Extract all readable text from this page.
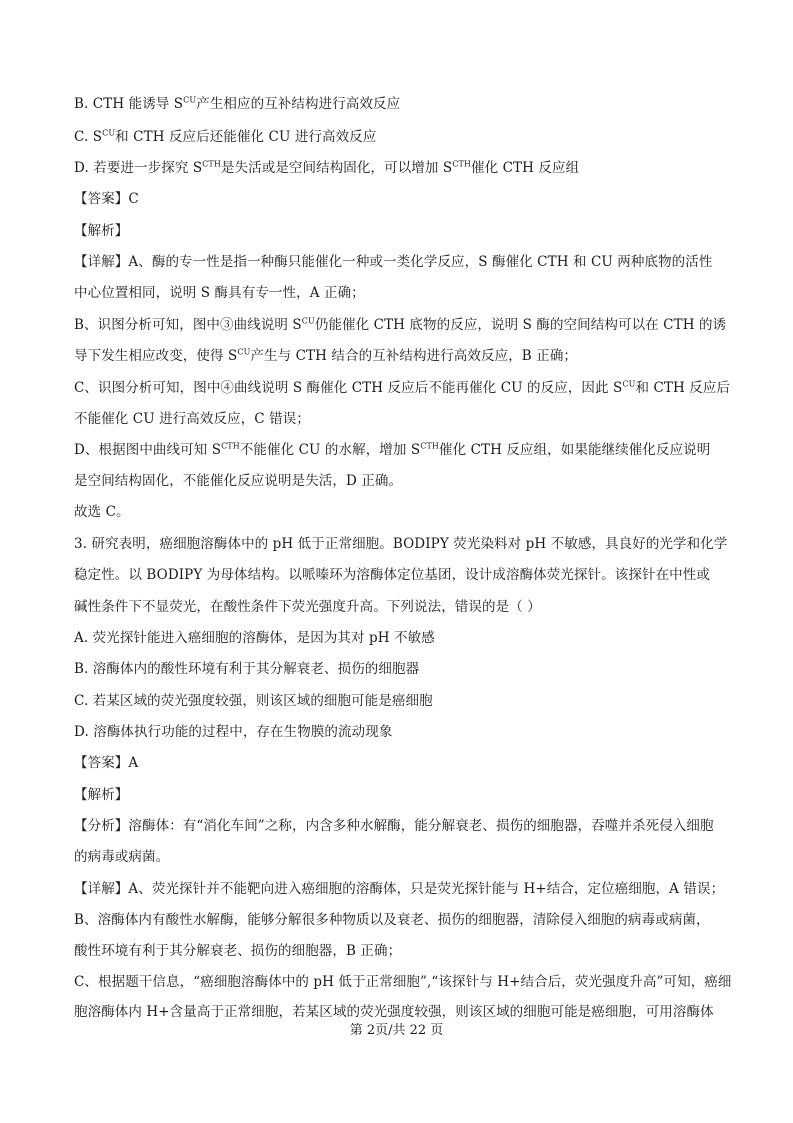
B. CTH 能诱导 $S^{CU}$产生相应的互补结构进行高效反应
C. $S^{CU}$和 CTH 反应后还能催化 CU 进行高效反应
D. 若要进一步探究 $S^{CTH}$是失活或是空间结构固化，可以增加 $S^{CTH}$催化 CTH 反应组
【答案】C
【解析】
【详解】A、酶的专一性是指一种酶只能催化一种或一类化学反应，S 酶催化 CTH 和 CU 两种底物的活性
中心位置相同，说明 S 酶具有专一性，A 正确；
B、识图分析可知，图中③曲线说明 $S^{CU}$仍能催化 CTH 底物的反应，说明 S 酶的空间结构可以在 CTH 的诱
导下发生相应改变，使得 $S^{CU}$产生与 CTH 结合的互补结构进行高效反应，B 正确；
C、识图分析可知，图中④曲线说明 S 酶催化 CTH 反应后不能再催化 CU 的反应，因此 $S^{CU}$和 CTH 反应后
不能催化 CU 进行高效反应，C 错误；
D、根据图中曲线可知 $S^{CTH}$不能催化 CU 的水解，增加 $S^{CTH}$催化 CTH 反应组，如果能继续催化反应说明
是空间结构固化，不能催化反应说明是失活，D 正确。
故选 C。
3. 研究表明，癌细胞溶酶体中的 pH 低于正常细胞。BODIPY 荧光染料对 pH 不敏感，具良好的光学和化学
稳定性。以 BODIPY 为母体结构。以哌嗪环为溶酶体定位基团，设计成溶酶体荧光探针。该探针在中性或
碱性条件下不显荧光，在酸性条件下荧光强度升高。下列说法，错误的是（ ）
A. 荧光探针能进入癌细胞的溶酶体，是因为其对 pH 不敏感
B. 溶酶体内的酸性环境有利于其分解衰老、损伤的细胞器
C. 若某区域的荧光强度较强，则该区域的细胞可能是癌细胞
D. 溶酶体执行功能的过程中，存在生物膜的流动现象
【答案】A
【解析】
【分析】溶酶体：有“消化车间”之称，内含多种水解酶，能分解衰老、损伤的细胞器，吞噬并杀死侵入细胞
的病毒或病菌。
【详解】A、荧光探针并不能靶向进入癌细胞的溶酶体，只是荧光探针能与 H+结合，定位癌细胞，A 错误；
B、溶酶体内有酸性水解酶，能够分解很多种物质以及衰老、损伤的细胞器，清除侵入细胞的病毒或病菌，
酸性环境有利于其分解衰老、损伤的细胞器，B 正确；
C、根据题干信息，“癌细胞溶酶体中的 pH 低于正常细胞”,“该探针与 H+结合后，荧光强度升高”可知，癌细
胞溶酶体内 H+含量高于正常细胞，若某区域的荧光强度较强，则该区域的细胞可能是癌细胞，可用溶酶体
第 2页/共 22 页
